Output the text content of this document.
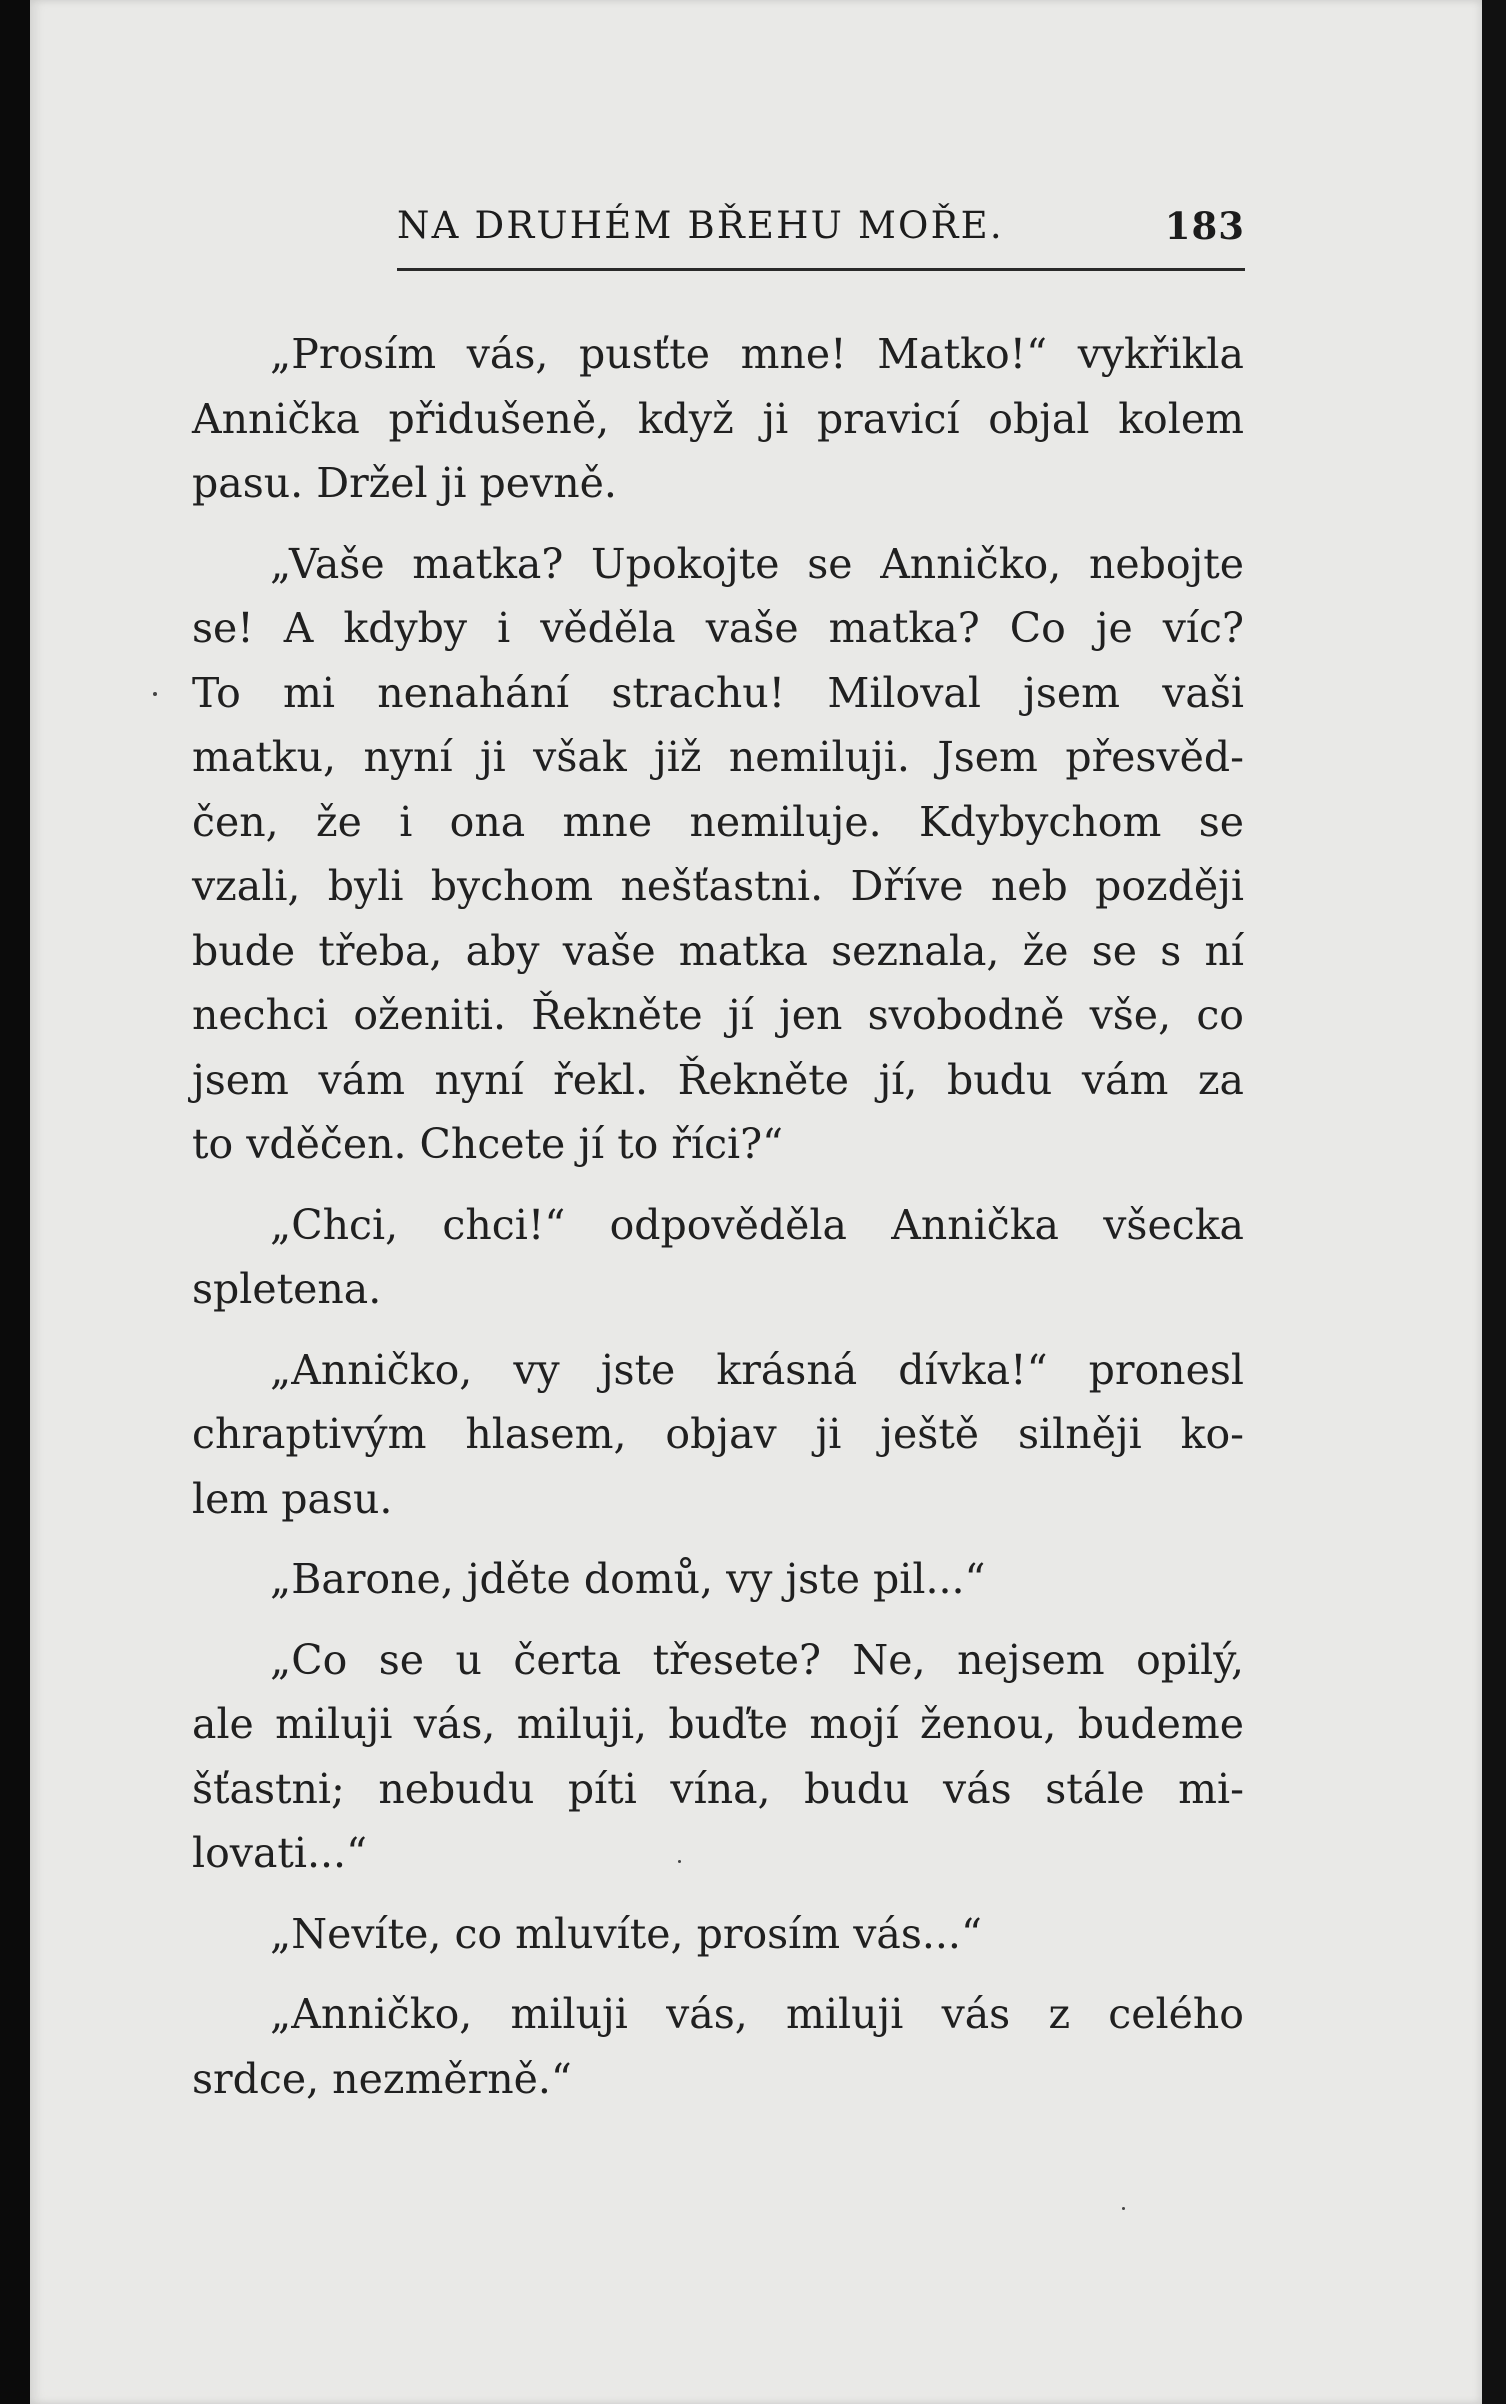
NA DRUHÉM BŘEHU MOŘE.	183
„Prosím vás, pusťte mne! Matko!“ vykřikla
Annička přidušeně, když ji pravicí objal kolem
pasu. Držel ji pevně.
„Vaše matka? Upokojte se Anničko, nebojte
se! A kdyby i věděla vaše matka? Co je víc?
To mi nenahání strachu! Miloval jsem vaši
matku, nyní ji však již nemiluji. Jsem přesvěd-
čen, že i ona mne nemiluje. Kdybychom se
vzali, byli bychom nešťastni. Dříve neb později
bude třeba, aby vaše matka seznala, že se s ní
nechci oženiti. Řekněte jí jen svobodně vše, co
jsem vám nyní řekl. Řekněte jí, budu vám za
to vděčen. Chcete jí to říci?“
„Chci, chci!“ odpověděla Annička všecka
spletena.
„Anničko, vy jste krásná dívka!“ pronesl
chraptivým hlasem, objav ji ještě silněji ko-
lem pasu.
„Barone, jděte domů, vy jste pil...“
„Co se u čerta třesete? Ne, nejsem opilý,
ale miluji vás, miluji, buďte mojí ženou, budeme
šťastni; nebudu píti vína, budu vás stále mi-
lovati...“
„Nevíte, co mluvíte, prosím vás...“
„Anničko, miluji vás, miluji vás z celého
srdce, nezměrně.“
